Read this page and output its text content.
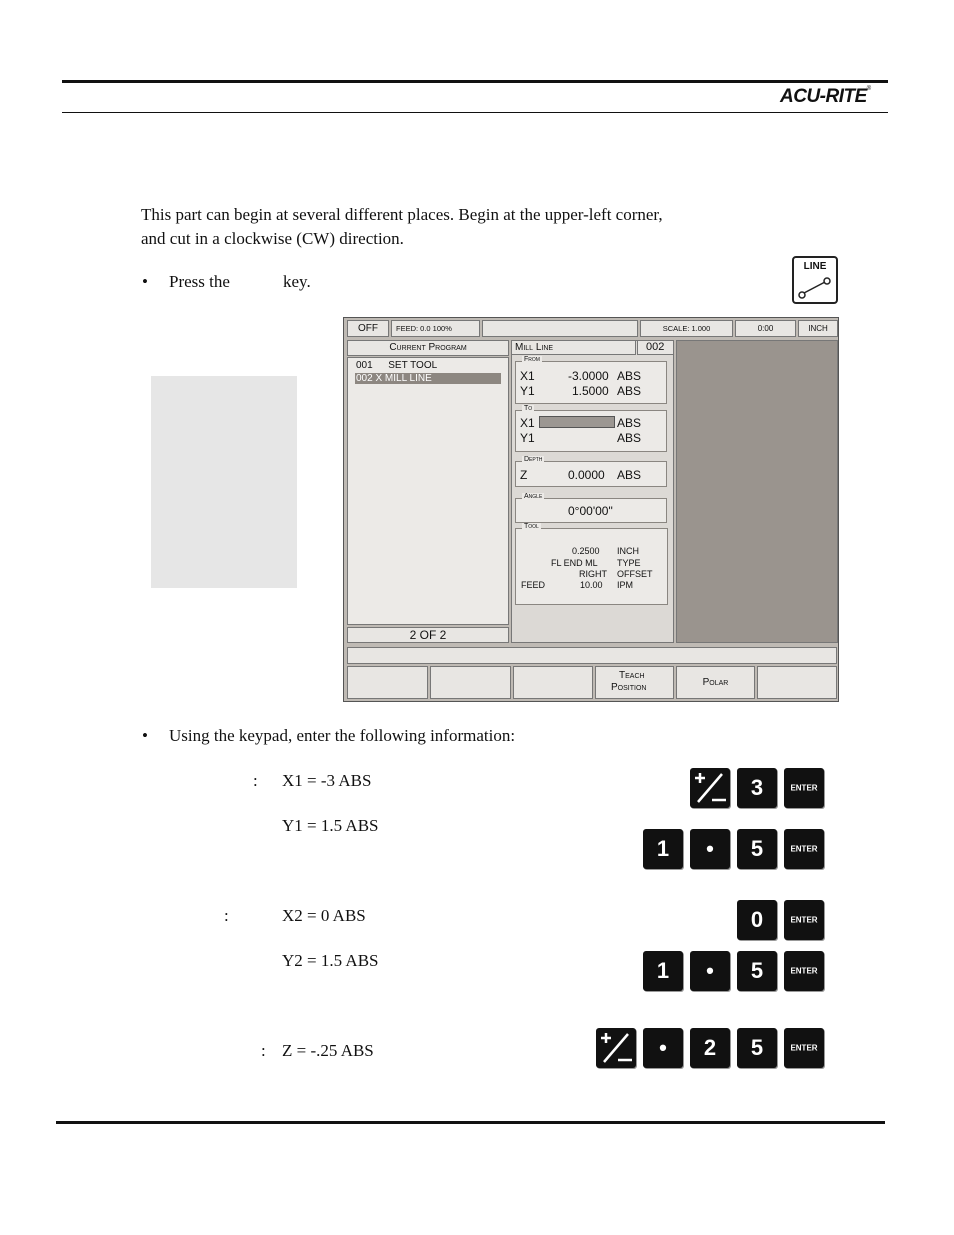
ACU-RITE®
This part can begin at several different places. Begin at the upper-left corner,
and cut in a clockwise (CW) direction.
• Press the	key.
LINE
OFF	FEED: 0.0 100%	SCALE: 1.000	0:00	INCH
Current Program
001 SET TOOL
002 X MILL LINE
2 OF 2
Mill Line	002
From
X1	-3.0000 ABS
Y1	1.5000 ABS
To
X1	ABS
Y1	ABS
Depth
Z	0.0000 ABS
Angle
0°00'00"
Tool
0.2500 INCH
FL END ML TYPE
RIGHT OFFSET
FEED	10.00 IPM
Teach
Position	Polar
• Using the keypad, enter the following information:
: X1 = -3 ABS
Y1 = 1.5 ABS
:	X2 = 0 ABS
Y2 = 1.5 ABS
: Z = -.25 ABS
3	ENTER
1	•	5	ENTER
0	ENTER
1	•	5	ENTER
•	2	5	ENTER
